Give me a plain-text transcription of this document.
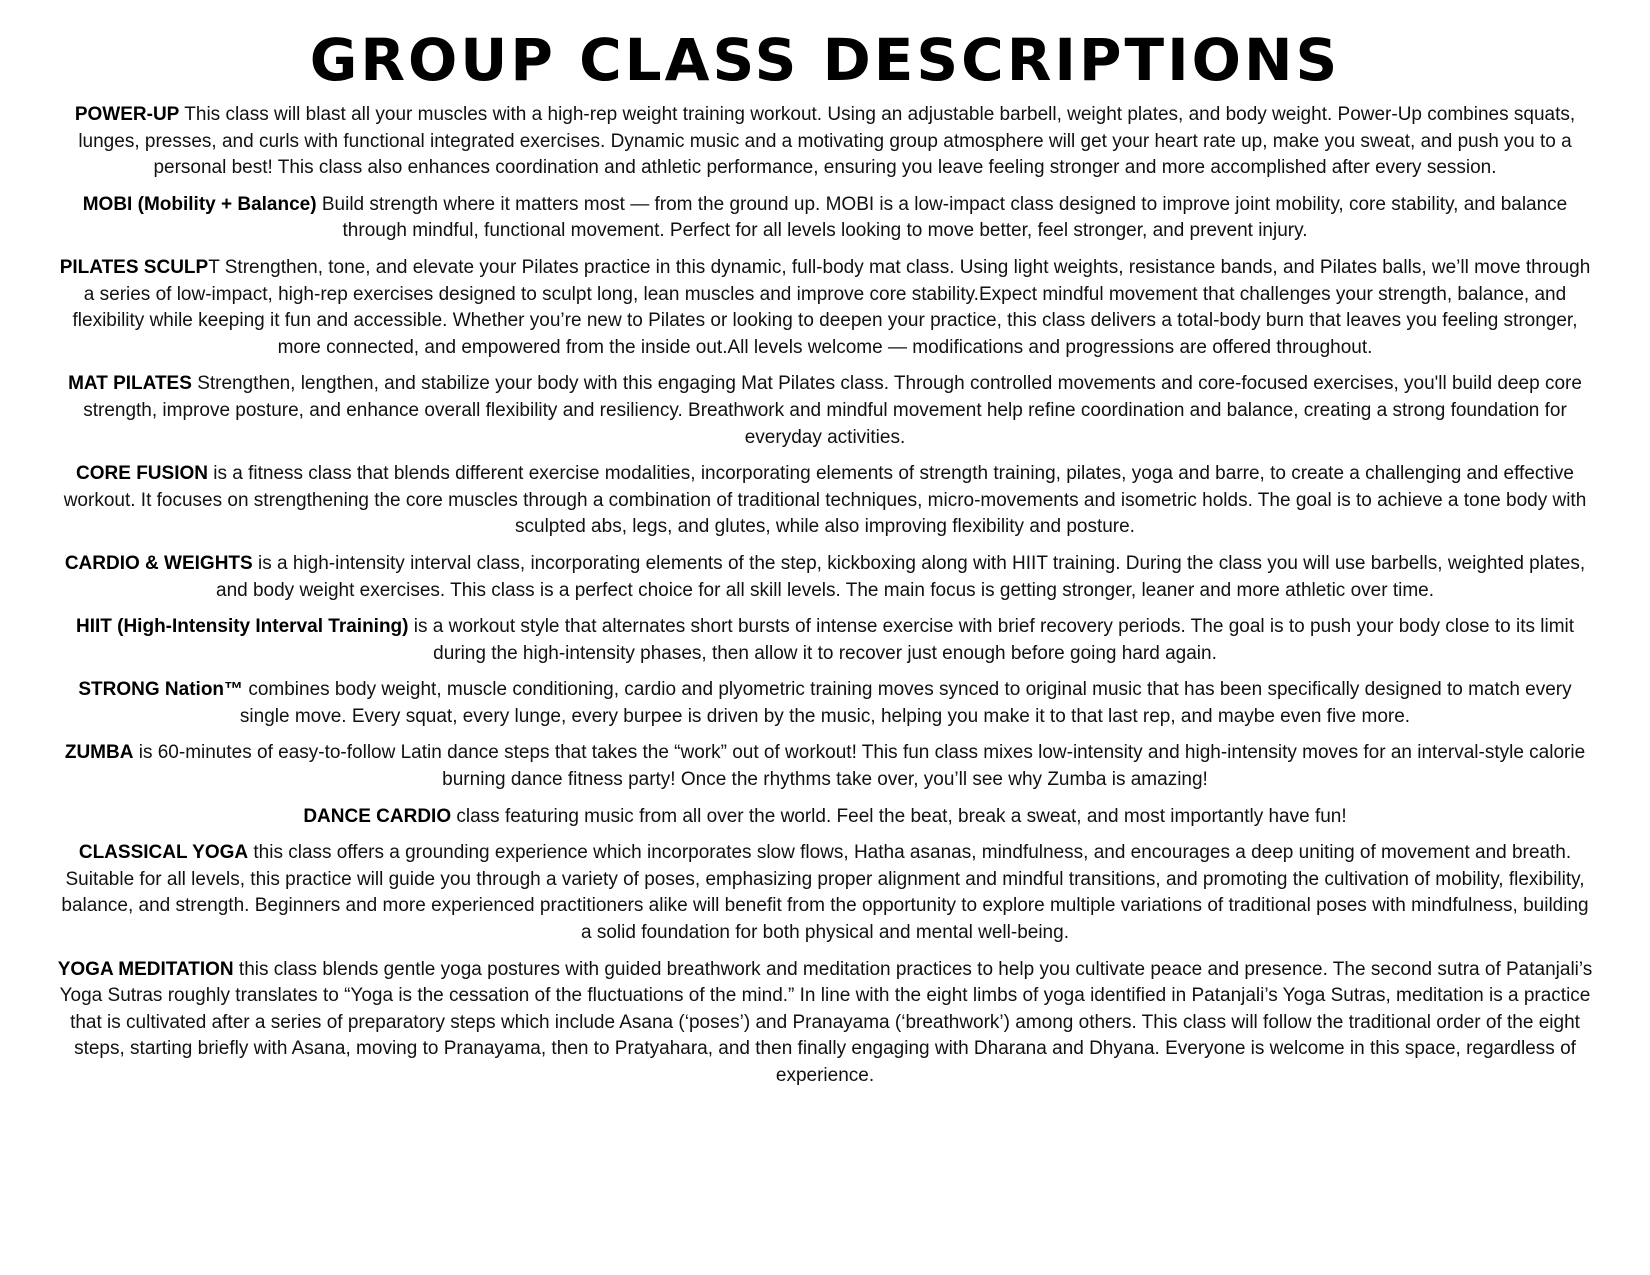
GROUP CLASS DESCRIPTIONS

POWER-UP This class will blast all your muscles with a high-rep weight training workout. Using an adjustable barbell, weight plates, and body weight. Power-Up combines squats, lunges, presses, and curls with functional integrated exercises. Dynamic music and a motivating group atmosphere will get your heart rate up, make you sweat, and push you to a personal best! This class also enhances coordination and athletic performance, ensuring you leave feeling stronger and more accomplished after every session.

MOBI (Mobility + Balance) Build strength where it matters most — from the ground up. MOBI is a low-impact class designed to improve joint mobility, core stability, and balance through mindful, functional movement. Perfect for all levels looking to move better, feel stronger, and prevent injury.

PILATES SCULPT Strengthen, tone, and elevate your Pilates practice in this dynamic, full-body mat class. Using light weights, resistance bands, and Pilates balls, we’ll move through a series of low-impact, high-rep exercises designed to sculpt long, lean muscles and improve core stability.Expect mindful movement that challenges your strength, balance, and flexibility while keeping it fun and accessible. Whether you’re new to Pilates or looking to deepen your practice, this class delivers a total-body burn that leaves you feeling stronger, more connected, and empowered from the inside out.All levels welcome — modifications and progressions are offered throughout.

MAT PILATES Strengthen, lengthen, and stabilize your body with this engaging Mat Pilates class. Through controlled movements and core-focused exercises, you'll build deep core strength, improve posture, and enhance overall flexibility and resiliency. Breathwork and mindful movement help refine coordination and balance, creating a strong foundation for everyday activities.

CORE FUSION is a fitness class that blends different exercise modalities, incorporating elements of strength training, pilates, yoga and barre, to create a challenging and effective workout. It focuses on strengthening the core muscles through a combination of traditional techniques, micro-movements and isometric holds. The goal is to achieve a tone body with sculpted abs, legs, and glutes, while also improving flexibility and posture.

CARDIO & WEIGHTS is a high-intensity interval class, incorporating elements of the step, kickboxing along with HIIT training. During the class you will use barbells, weighted plates, and body weight exercises. This class is a perfect choice for all skill levels. The main focus is getting stronger, leaner and more athletic over time.

HIIT (High-Intensity Interval Training) is a workout style that alternates short bursts of intense exercise with brief recovery periods. The goal is to push your body close to its limit during the high-intensity phases, then allow it to recover just enough before going hard again.

STRONG Nation™ combines body weight, muscle conditioning, cardio and plyometric training moves synced to original music that has been specifically designed to match every single move. Every squat, every lunge, every burpee is driven by the music, helping you make it to that last rep, and maybe even five more.

ZUMBA is 60-minutes of easy-to-follow Latin dance steps that takes the “work” out of workout! This fun class mixes low-intensity and high-intensity moves for an interval-style calorie burning dance fitness party! Once the rhythms take over, you’ll see why Zumba is amazing!

DANCE CARDIO class featuring music from all over the world. Feel the beat, break a sweat, and most importantly have fun!

CLASSICAL YOGA this class offers a grounding experience which incorporates slow flows, Hatha asanas, mindfulness, and encourages a deep uniting of movement and breath. Suitable for all levels, this practice will guide you through a variety of poses, emphasizing proper alignment and mindful transitions, and promoting the cultivation of mobility, flexibility, balance, and strength. Beginners and more experienced practitioners alike will benefit from the opportunity to explore multiple variations of traditional poses with mindfulness, building a solid foundation for both physical and mental well-being.

YOGA MEDITATION this class blends gentle yoga postures with guided breathwork and meditation practices to help you cultivate peace and presence. The second sutra of Patanjali’s Yoga Sutras roughly translates to “Yoga is the cessation of the fluctuations of the mind.” In line with the eight limbs of yoga identified in Patanjali’s Yoga Sutras, meditation is a practice that is cultivated after a series of preparatory steps which include Asana (‘poses’) and Pranayama (‘breathwork’) among others. This class will follow the traditional order of the eight steps, starting briefly with Asana, moving to Pranayama, then to Pratyahara, and then finally engaging with Dharana and Dhyana. Everyone is welcome in this space, regardless of experience.
